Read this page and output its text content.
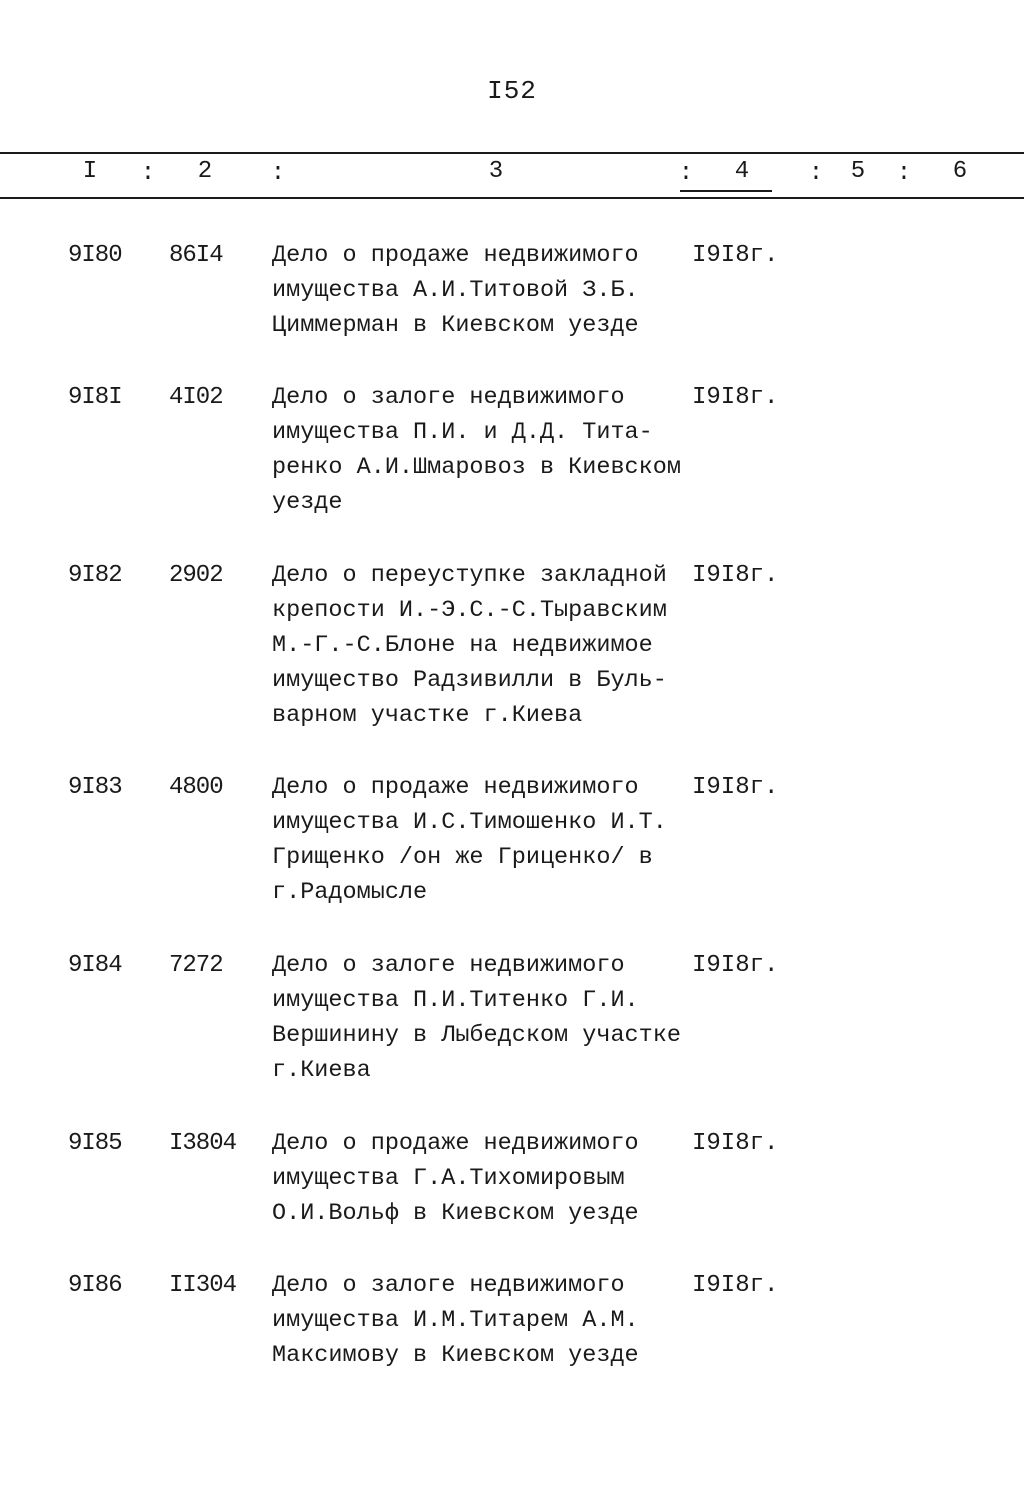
I52
I : 2 :	3	: 4 : 5 : 6
9I80 86I4 Дело о продаже недвижимого
имущества А.И.Титовой З.Б.
Циммерман в Киевском уезде
I9I8г.
9I8I 4I02 Дело о залоге недвижимого
имущества П.И. и Д.Д. Тита-
ренко А.И.Шмаровоз в Киевском
уезде
I9I8г.
9I82 2902 Дело о переуступке закладной
крепости И.-Э.С.-С.Тыравским
М.-Г.-С.Блоне на недвижимое
имущество Радзивилли в Буль-
варном участке г.Киева
I9I8г.
9I83 4800 Дело о продаже недвижимого
имущества И.С.Тимошенко И.Т.
Грищенко /он же Гриценко/ в
г.Радомысле
I9I8г.
9I84 7272 Дело о залоге недвижимого
имущества П.И.Титенко Г.И.
Вершинину в Лыбедском участке
г.Киева
I9I8г.
9I85 I3804 Дело о продаже недвижимого
имущества Г.А.Тихомировым
О.И.Вольф в Киевском уезде
I9I8г.
9I86 II304 Дело о залоге недвижимого
имущества И.М.Титарем А.М.
Максимову в Киевском уезде
I9I8г.
